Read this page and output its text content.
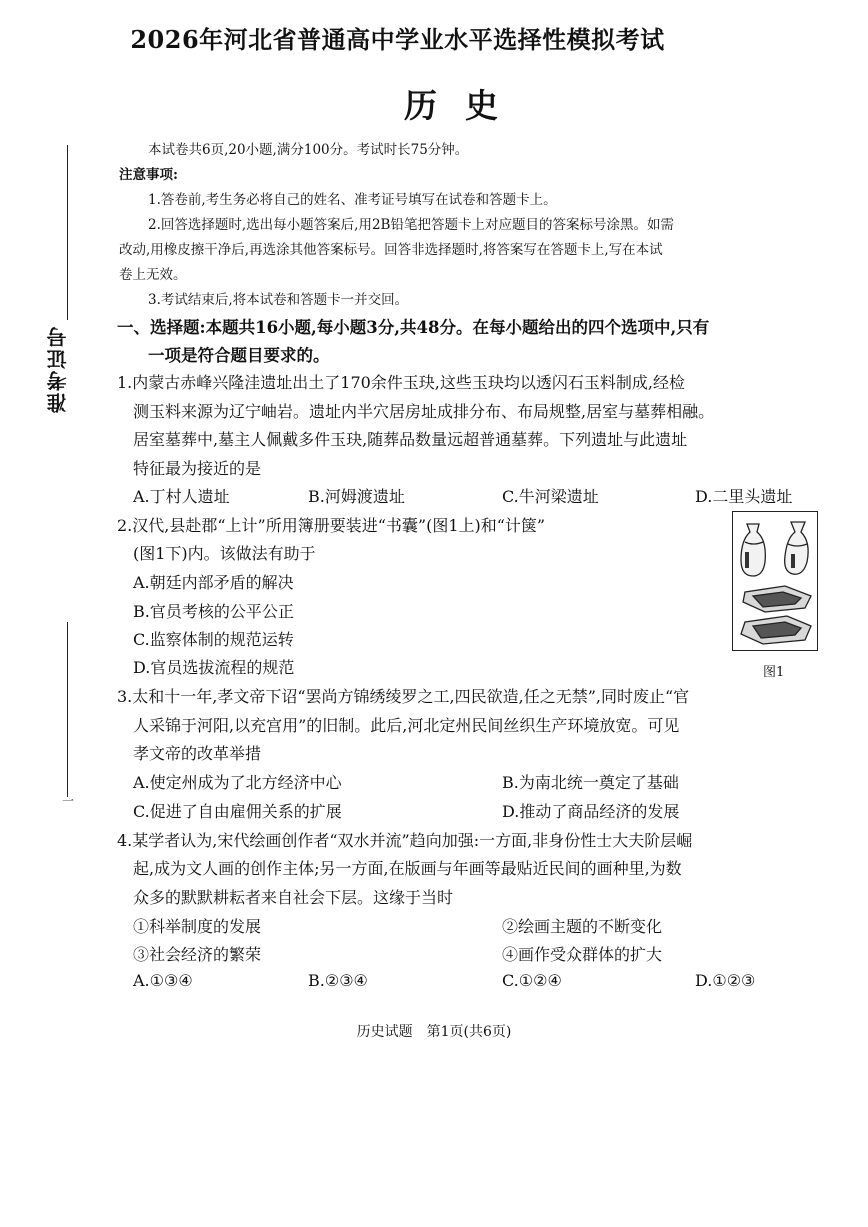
2026年河北省普通高中学业水平选择性模拟考试
历史
准考证号
一
本试卷共6页,20小题,满分100分。考试时长75分钟。
注意事项:
1.答卷前,考生务必将自己的姓名、准考证号填写在试卷和答题卡上。
2.回答选择题时,选出每小题答案后,用2B铅笔把答题卡上对应题目的答案标号涂黑。如需
改动,用橡皮擦干净后,再选涂其他答案标号。回答非选择题时,将答案写在答题卡上,写在本试
卷上无效。
3.考试结束后,将本试卷和答题卡一并交回。
一、选择题:本题共16小题,每小题3分,共48分。在每小题给出的四个选项中,只有
一项是符合题目要求的。
1.内蒙古赤峰兴隆洼遗址出土了170余件玉玦,这些玉玦均以透闪石玉料制成,经检
测玉料来源为辽宁岫岩。遗址内半穴居房址成排分布、布局规整,居室与墓葬相融。
居室墓葬中,墓主人佩戴多件玉玦,随葬品数量远超普通墓葬。下列遗址与此遗址
特征最为接近的是
A.丁村人遗址	B.河姆渡遗址	C.牛河梁遗址	D.二里头遗址
2.汉代,县赴郡“上计”所用簿册要装进“书囊”(图1上)和“计箧”
(图1下)内。该做法有助于
A.朝廷内部矛盾的解决
B.官员考核的公平公正
C.监察体制的规范运转
D.官员选拔流程的规范	图1
3.太和十一年,孝文帝下诏“罢尚方锦绣绫罗之工,四民欲造,任之无禁”,同时废止“官
人采锦于河阳,以充宫用”的旧制。此后,河北定州民间丝织生产环境放宽。可见
孝文帝的改革举措
A.使定州成为了北方经济中心	B.为南北统一奠定了基础
C.促进了自由雇佣关系的扩展	D.推动了商品经济的发展
4.某学者认为,宋代绘画创作者“双水并流”趋向加强:一方面,非身份性士大夫阶层崛
起,成为文人画的创作主体;另一方面,在版画与年画等最贴近民间的画种里,为数
众多的默默耕耘者来自社会下层。这缘于当时
①科举制度的发展	②绘画主题的不断变化
③社会经济的繁荣	④画作受众群体的扩大
A.①③④	B.②③④	C.①②④	D.①②③
历史试题　第1页(共6页)
